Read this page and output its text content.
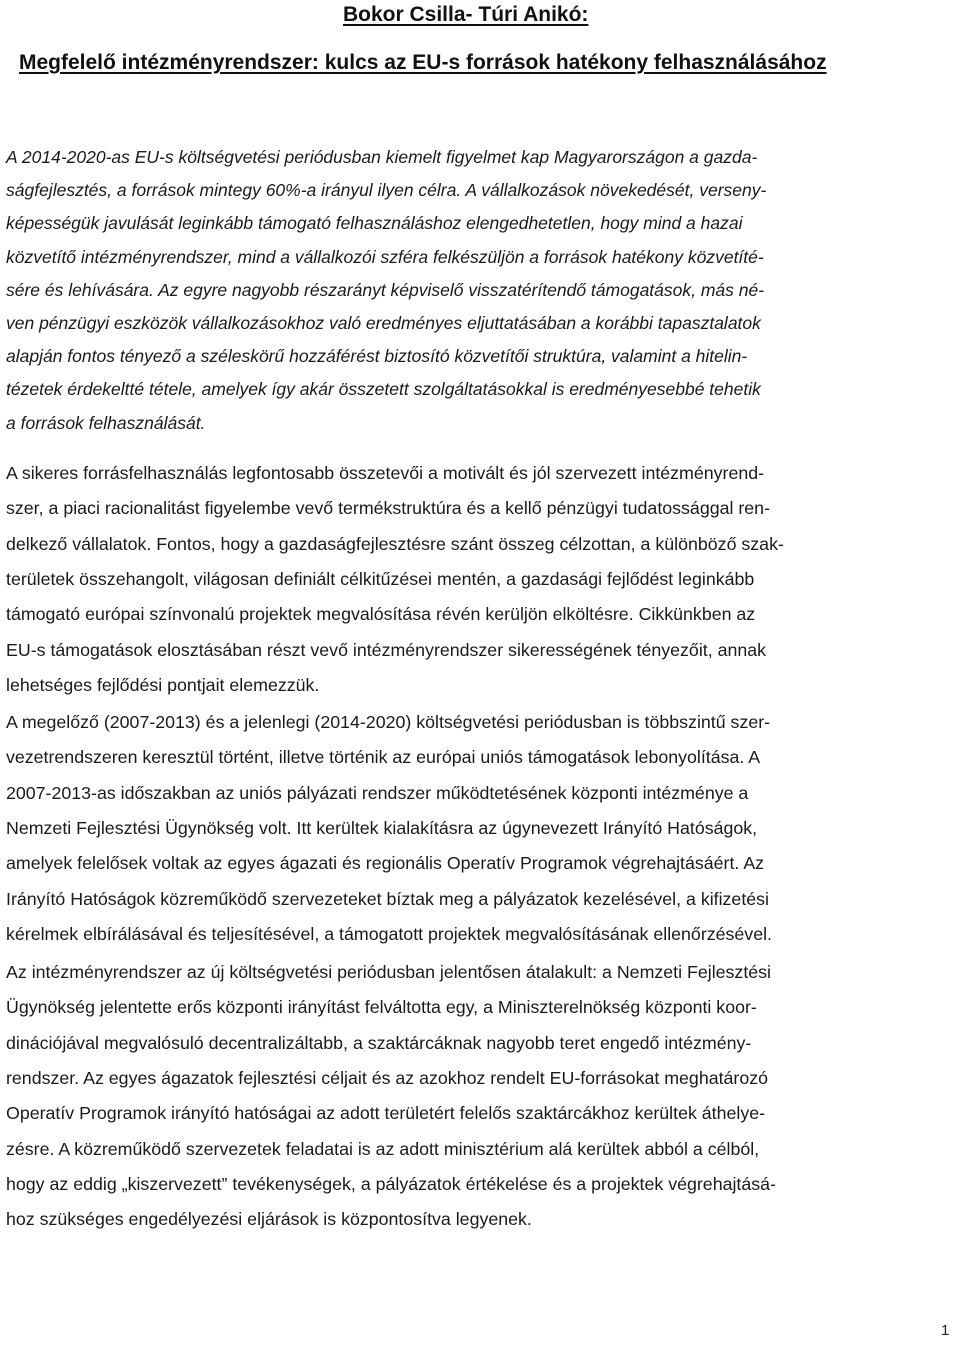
Bokor Csilla- Túri Anikó:
Megfelelő intézményrendszer: kulcs az EU-s források hatékony felhasználásához
A 2014-2020-as EU-s költségvetési periódusban kiemelt figyelmet kap Magyarországon a gazda-
ságfejlesztés, a források mintegy 60%-a irányul ilyen célra. A vállalkozások növekedését, verseny-
képességük javulását leginkább támogató felhasználáshoz elengedhetetlen, hogy mind a hazai
közvetítő intézményrendszer, mind a vállalkozói szféra felkészüljön a források hatékony közvetíté-
sére és lehívására. Az egyre nagyobb részarányt képviselő visszatérítendő támogatások, más né-
ven pénzügyi eszközök vállalkozásokhoz való eredményes eljuttatásában a korábbi tapasztalatok
alapján fontos tényező a széleskörű hozzáférést biztosító közvetítői struktúra, valamint a hitelin-
tézetek érdekeltté tétele, amelyek így akár összetett szolgáltatásokkal is eredményesebbé tehetik
a források felhasználását.
A sikeres forrásfelhasználás legfontosabb összetevői a motivált és jól szervezett intézményrend-
szer, a piaci racionalitást figyelembe vevő termékstruktúra és a kellő pénzügyi tudatossággal ren-
delkező vállalatok. Fontos, hogy a gazdaságfejlesztésre szánt összeg célzottan, a különböző szak-
területek összehangolt, világosan definiált célkitűzései mentén, a gazdasági fejlődést leginkább
támogató európai színvonalú projektek megvalósítása révén kerüljön elköltésre. Cikkünkben az
EU-s támogatások elosztásában részt vevő intézményrendszer sikerességének tényezőit, annak
lehetséges fejlődési pontjait elemezzük.
A megelőző (2007-2013) és a jelenlegi (2014-2020) költségvetési periódusban is többszintű szer-
vezetrendszeren keresztül történt, illetve történik az európai uniós támogatások lebonyolítása. A
2007-2013-as időszakban az uniós pályázati rendszer működtetésének központi intézménye a
Nemzeti Fejlesztési Ügynökség volt. Itt kerültek kialakításra az úgynevezett Irányító Hatóságok,
amelyek felelősek voltak az egyes ágazati és regionális Operatív Programok végrehajtásáért. Az
Irányító Hatóságok közreműködő szervezeteket bíztak meg a pályázatok kezelésével, a kifizetési
kérelmek elbírálásával és teljesítésével, a támogatott projektek megvalósításának ellenőrzésével.
Az intézményrendszer az új költségvetési periódusban jelentősen átalakult: a Nemzeti Fejlesztési
Ügynökség jelentette erős központi irányítást felváltotta egy, a Miniszterelnökség központi koor-
dinációjával megvalósuló decentralizáltabb, a szaktárcáknak nagyobb teret engedő intézmény-
rendszer. Az egyes ágazatok fejlesztési céljait és az azokhoz rendelt EU-forrásokat meghatározó
Operatív Programok irányító hatóságai az adott területért felelős szaktárcákhoz kerültek áthelye-
zésre. A közreműködő szervezetek feladatai is az adott minisztérium alá kerültek abból a célból,
hogy az eddig „kiszervezett” tevékenységek, a pályázatok értékelése és a projektek végrehajtásá-
hoz szükséges engedélyezési eljárások is központosítva legyenek.
1
